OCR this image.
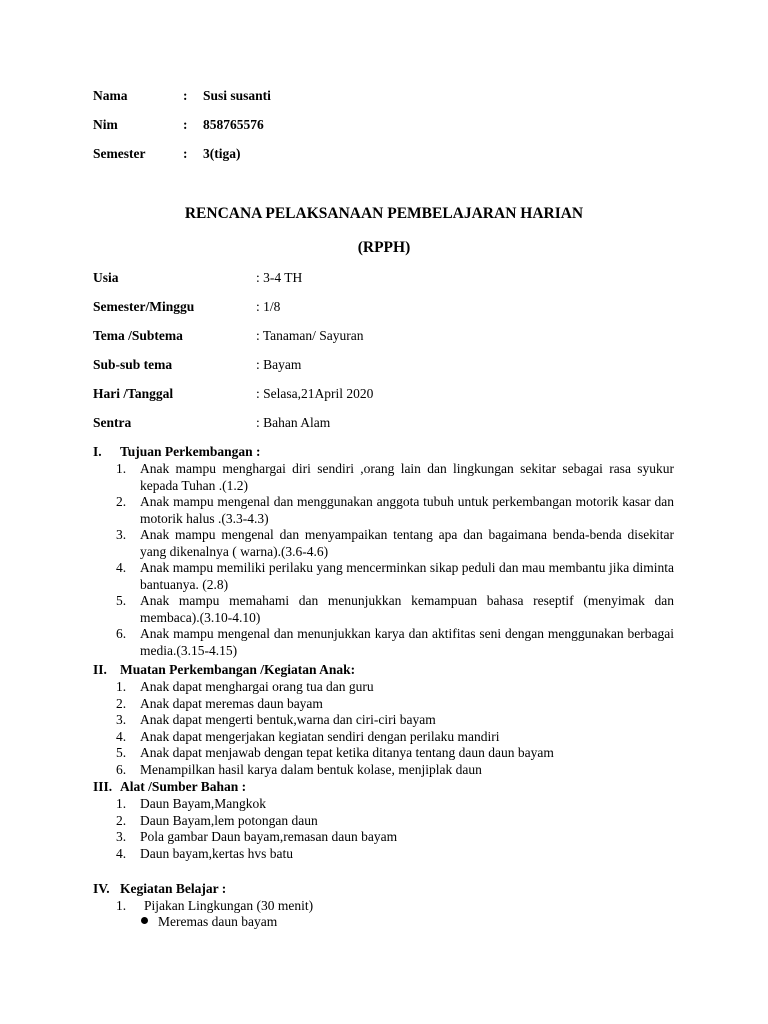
Nama	: Susi susanti
Nim	: 858765576
Semester	: 3(tiga)
RENCANA PELAKSANAAN PEMBELAJARAN HARIAN
(RPPH)
Usia	: 3-4 TH
Semester/Minggu	: 1/8
Tema /Subtema	: Tanaman/ Sayuran
Sub-sub tema	: Bayam
Hari /Tanggal	: Selasa,21April 2020
Sentra	: Bahan Alam
I. Tujuan Perkembangan :
1. Anak mampu menghargai diri sendiri ,orang lain dan lingkungan sekitar sebagai rasa syukur kepada Tuhan .(1.2)
2. Anak mampu mengenal dan menggunakan anggota tubuh untuk perkembangan motorik kasar dan motorik halus .(3.3-4.3)
3. Anak mampu mengenal dan menyampaikan tentang apa dan bagaimana benda-benda disekitar yang dikenalnya ( warna).(3.6-4.6)
4. Anak mampu memiliki perilaku yang mencerminkan sikap peduli dan mau membantu jika diminta bantuanya. (2.8)
5. Anak mampu memahami dan menunjukkan kemampuan bahasa reseptif (menyimak dan membaca).(3.10-4.10)
6. Anak mampu mengenal dan menunjukkan karya dan aktifitas seni dengan menggunakan berbagai media.(3.15-4.15)
II. Muatan Perkembangan /Kegiatan Anak:
1. Anak dapat menghargai orang tua dan guru
2. Anak dapat meremas daun bayam
3. Anak dapat mengerti bentuk,warna dan ciri-ciri bayam
4. Anak dapat mengerjakan kegiatan sendiri dengan perilaku mandiri
5. Anak dapat menjawab dengan tepat ketika ditanya tentang daun daun bayam
6. Menampilkan hasil karya dalam bentuk kolase, menjiplak daun
III. Alat /Sumber Bahan :
1. Daun Bayam,Mangkok
2. Daun Bayam,lem potongan daun
3. Pola gambar Daun bayam,remasan daun bayam
4. Daun bayam,kertas hvs batu
IV. Kegiatan Belajar :
1. Pijakan Lingkungan (30 menit)
Meremas daun bayam
